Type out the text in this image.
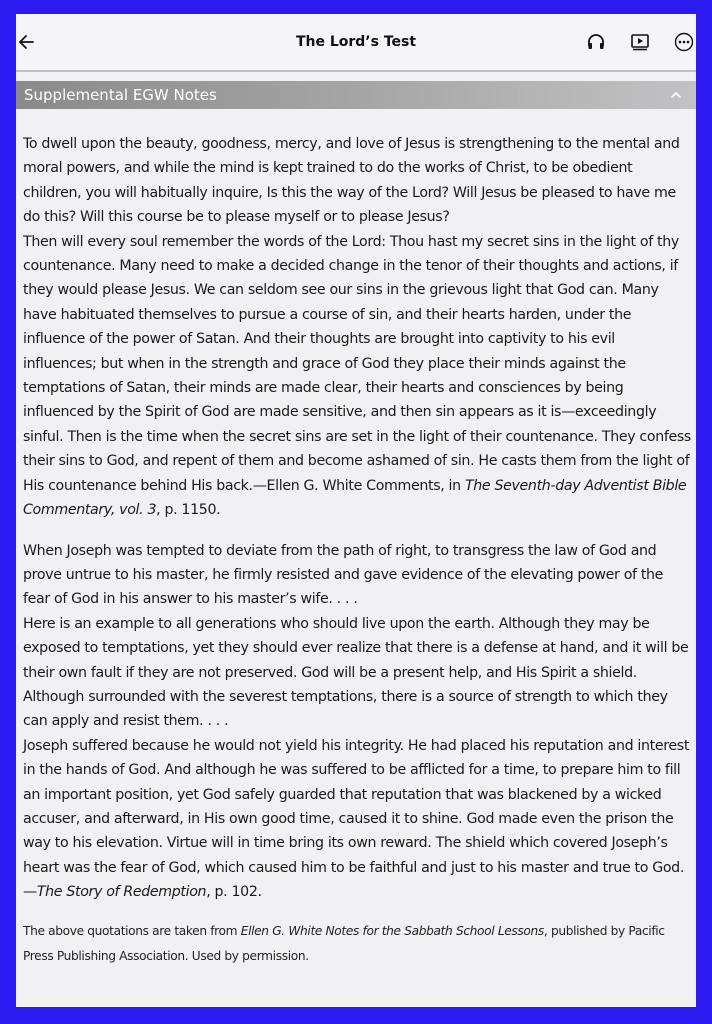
The Lord’s Test
Supplemental EGW Notes

To dwell upon the beauty, goodness, mercy, and love of Jesus is strengthening to the mental and moral powers, and while the mind is kept trained to do the works of Christ, to be obedient children, you will habitually inquire, Is this the way of the Lord? Will Jesus be pleased to have me do this? Will this course be to please myself or to please Jesus?

Then will every soul remember the words of the Lord: Thou hast my secret sins in the light of thy countenance. Many need to make a decided change in the tenor of their thoughts and actions, if they would please Jesus. We can seldom see our sins in the grievous light that God can. Many have habituated themselves to pursue a course of sin, and their hearts harden, under the influence of the power of Satan. And their thoughts are brought into captivity to his evil influences; but when in the strength and grace of God they place their minds against the temptations of Satan, their minds are made clear, their hearts and consciences by being influenced by the Spirit of God are made sensitive, and then sin appears as it is—exceedingly sinful. Then is the time when the secret sins are set in the light of their countenance. They confess their sins to God, and repent of them and become ashamed of sin. He casts them from the light of His countenance behind His back.—Ellen G. White Comments, in The Seventh-day Adventist Bible Commentary, vol. 3, p. 1150.

When Joseph was tempted to deviate from the path of right, to transgress the law of God and prove untrue to his master, he firmly resisted and gave evidence of the elevating power of the fear of God in his answer to his master’s wife. . . .

Here is an example to all generations who should live upon the earth. Although they may be exposed to temptations, yet they should ever realize that there is a defense at hand, and it will be their own fault if they are not preserved. God will be a present help, and His Spirit a shield. Although surrounded with the severest temptations, there is a source of strength to which they can apply and resist them. . . .

Joseph suffered because he would not yield his integrity. He had placed his reputation and interest in the hands of God. And although he was suffered to be afflicted for a time, to prepare him to fill an important position, yet God safely guarded that reputation that was blackened by a wicked accuser, and afterward, in His own good time, caused it to shine. God made even the prison the way to his elevation. Virtue will in time bring its own reward. The shield which covered Joseph’s heart was the fear of God, which caused him to be faithful and just to his master and true to God.—The Story of Redemption, p. 102.

The above quotations are taken from Ellen G. White Notes for the Sabbath School Lessons, published by Pacific Press Publishing Association. Used by permission.
